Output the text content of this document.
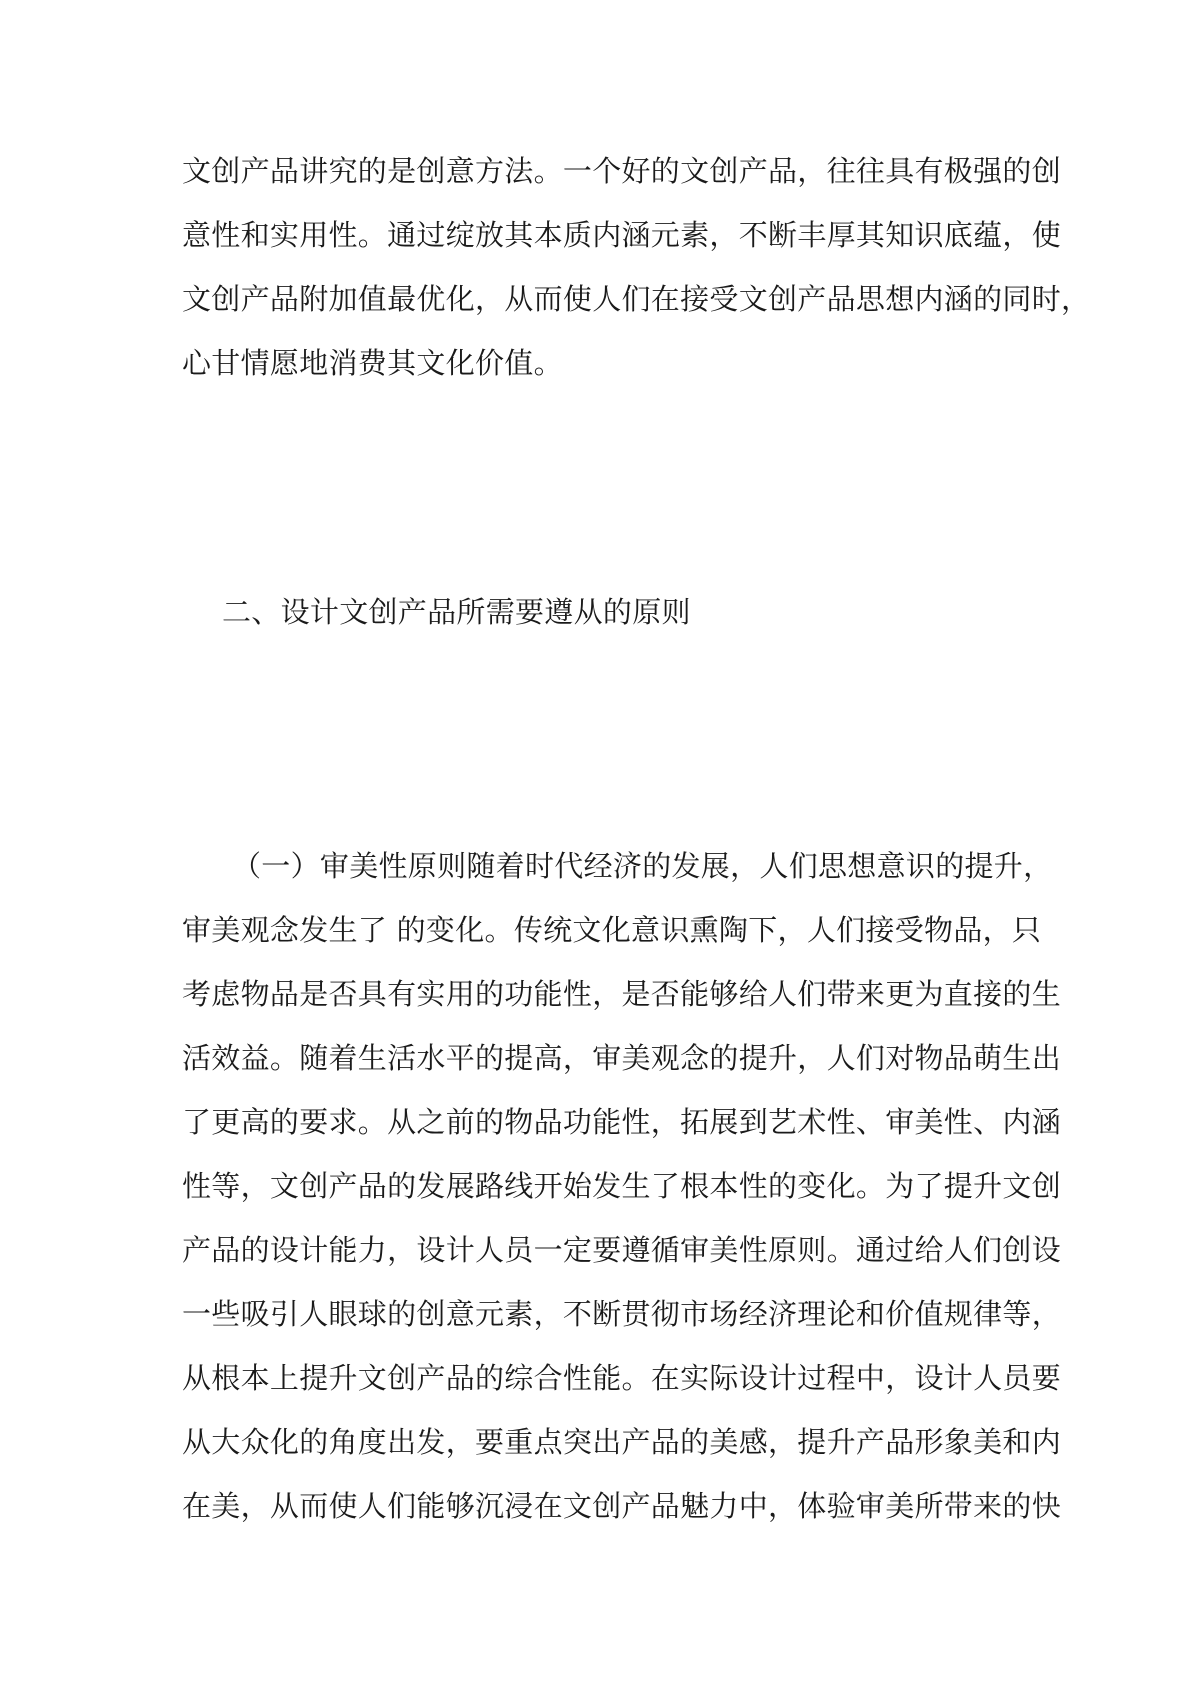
文创产品讲究的是创意方法。一个好的文创产品，往往具有极强的创
意性和实用性。通过绽放其本质内涵元素，不断丰厚其知识底蕴，使
文创产品附加值最优化，从而使人们在接受文创产品思想内涵的同时，
心甘情愿地消费其文化价值。
二、设计文创产品所需要遵从的原则
（一）审美性原则随着时代经济的发展，人们思想意识的提升，
审美观念发生了 的变化。传统文化意识熏陶下，人们接受物品，只
考虑物品是否具有实用的功能性，是否能够给人们带来更为直接的生
活效益。随着生活水平的提高，审美观念的提升，人们对物品萌生出
了更高的要求。从之前的物品功能性，拓展到艺术性、审美性、内涵
性等，文创产品的发展路线开始发生了根本性的变化。为了提升文创
产品的设计能力，设计人员一定要遵循审美性原则。通过给人们创设
一些吸引人眼球的创意元素，不断贯彻市场经济理论和价值规律等，
从根本上提升文创产品的综合性能。在实际设计过程中，设计人员要
从大众化的角度出发，要重点突出产品的美感，提升产品形象美和内
在美，从而使人们能够沉浸在文创产品魅力中，体验审美所带来的快
